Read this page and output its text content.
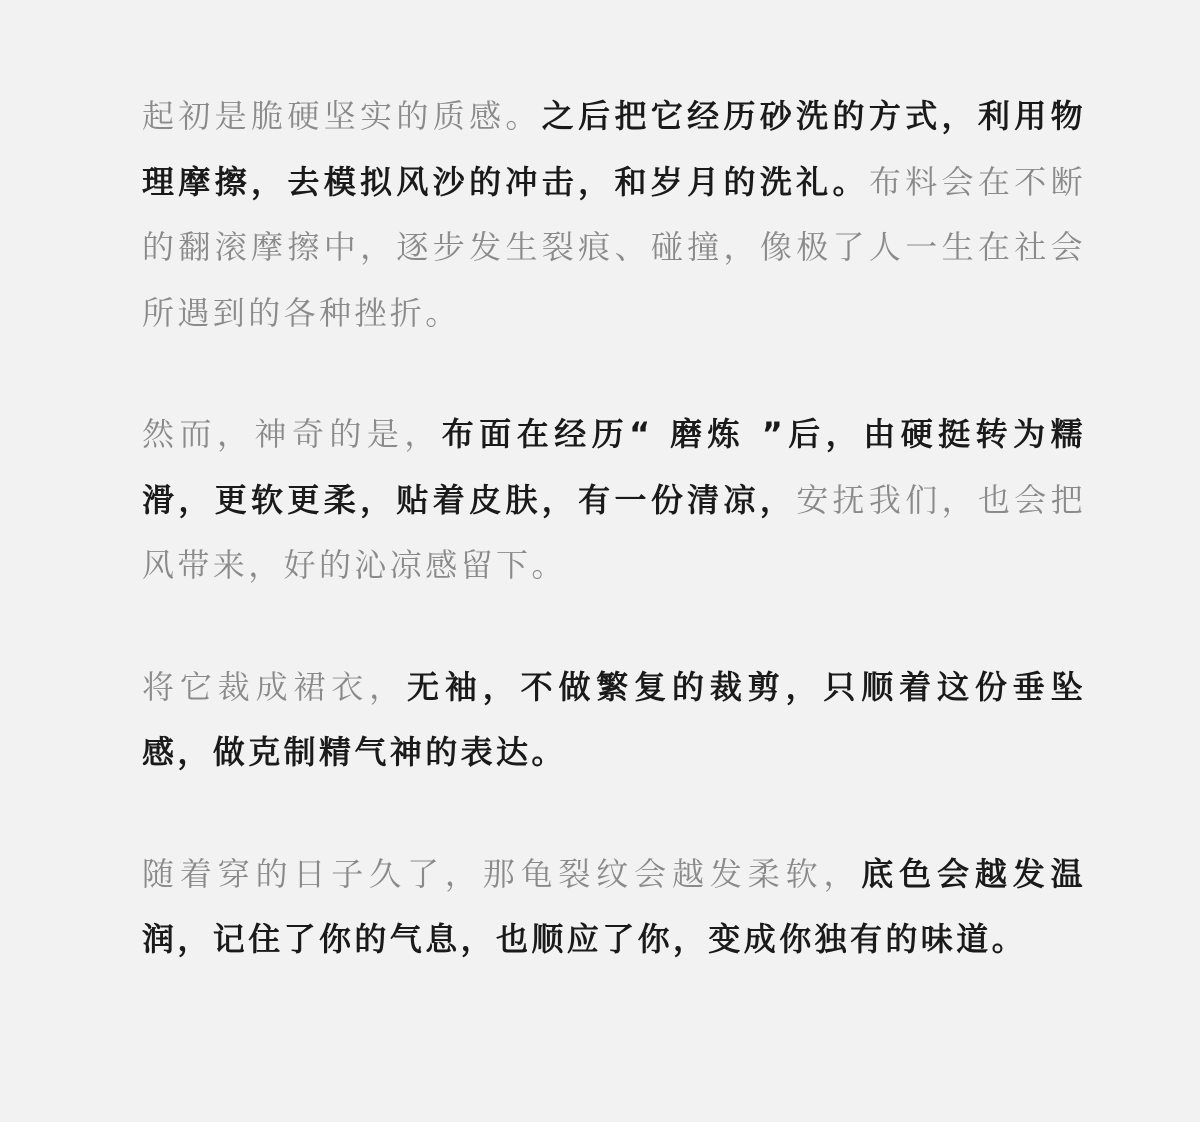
起初是脆硬坚实的质感。之后把它经历砂洗的方式，利用物理摩擦，去模拟风沙的冲击，和岁月的洗礼。布料会在不断的翻滚摩擦中，逐步发生裂痕、碰撞，像极了人一生在社会所遇到的各种挫折。

然而，神奇的是，布面在经历“ 磨炼 ”后，由硬挺转为糯滑，更软更柔，贴着皮肤，有一份清凉，安抚我们，也会把风带来，好的沁凉感留下。

将它裁成裙衣，无袖，不做繁复的裁剪，只顺着这份垂坠感，做克制精气神的表达。

随着穿的日子久了，那龟裂纹会越发柔软，底色会越发温润，记住了你的气息，也顺应了你，变成你独有的味道。
